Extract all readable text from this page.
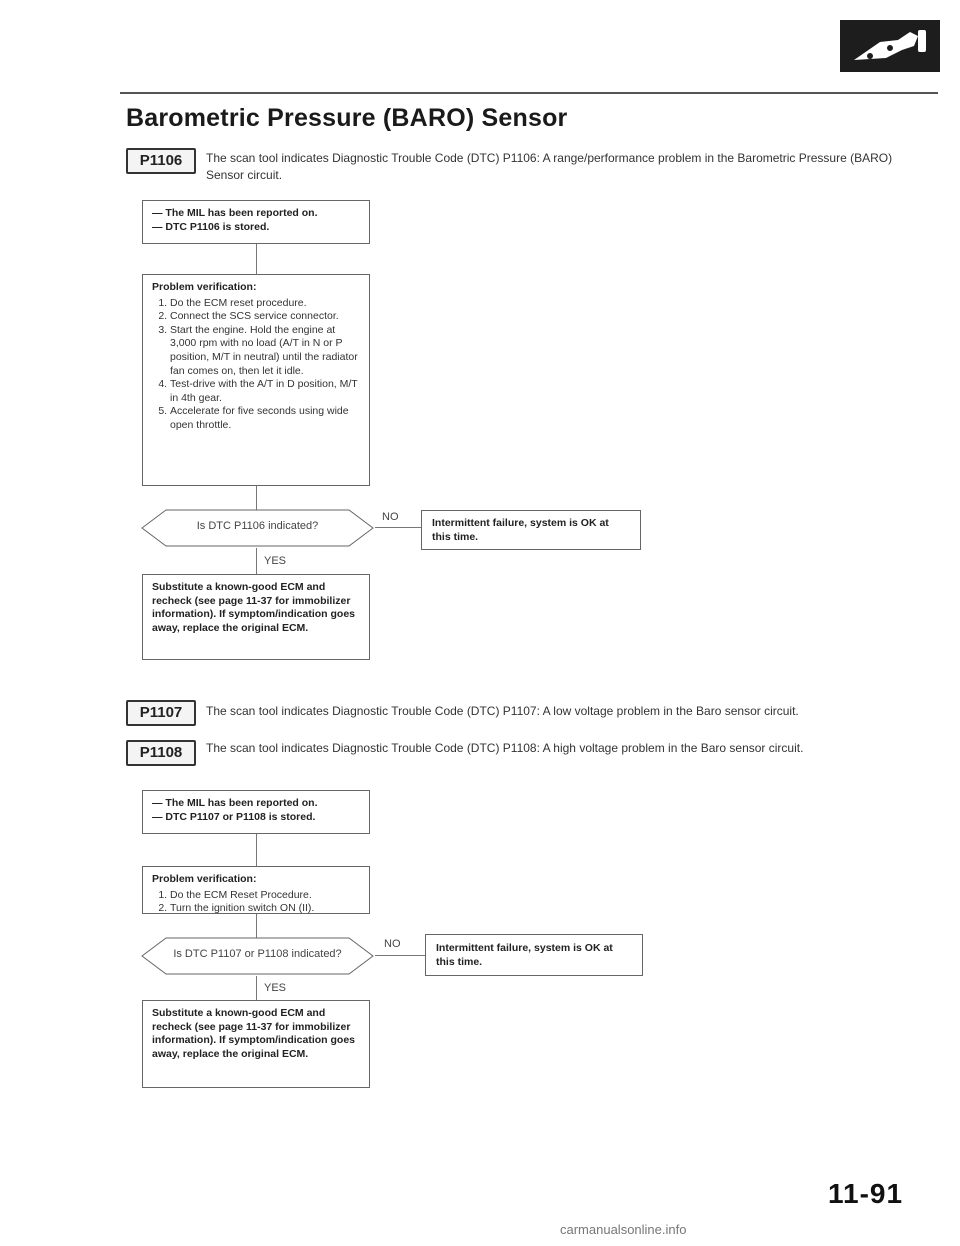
Barometric Pressure (BARO) Sensor
P1106	The scan tool indicates Diagnostic Trouble Code (DTC) P1106: A range/performance problem in the Barometric Pressure (BARO) Sensor circuit.
— The MIL has been reported on.
— DTC P1106 is stored.
Problem verification:
1. Do the ECM reset procedure.
2. Connect the SCS service connector.
3. Start the engine. Hold the engine at 3,000 rpm with no load (A/T in N or P position, M/T in neutral) until the radiator fan comes on, then let it idle.
4. Test-drive with the A/T in D position, M/T in 4th gear.
5. Accelerate for five seconds using wide open throttle.
Is DTC P1106 indicated?
NO	Intermittent failure, system is OK at this time.
YES
Substitute a known-good ECM and recheck (see page 11-37 for immobilizer information). If symptom/indication goes away, replace the original ECM.
P1107	The scan tool indicates Diagnostic Trouble Code (DTC) P1107: A low voltage problem in the Baro sensor circuit.
P1108	The scan tool indicates Diagnostic Trouble Code (DTC) P1108: A high voltage problem in the Baro sensor circuit.
— The MIL has been reported on.
— DTC P1107 or P1108 is stored.
Problem verification:
1. Do the ECM Reset Procedure.
2. Turn the ignition switch ON (II).
Is DTC P1107 or P1108 indicated?
NO	Intermittent failure, system is OK at this time.
YES
Substitute a known-good ECM and recheck (see page 11-37 for immobilizer information). If symptom/indication goes away, replace the original ECM.
11-91
carmanualsonline.info
